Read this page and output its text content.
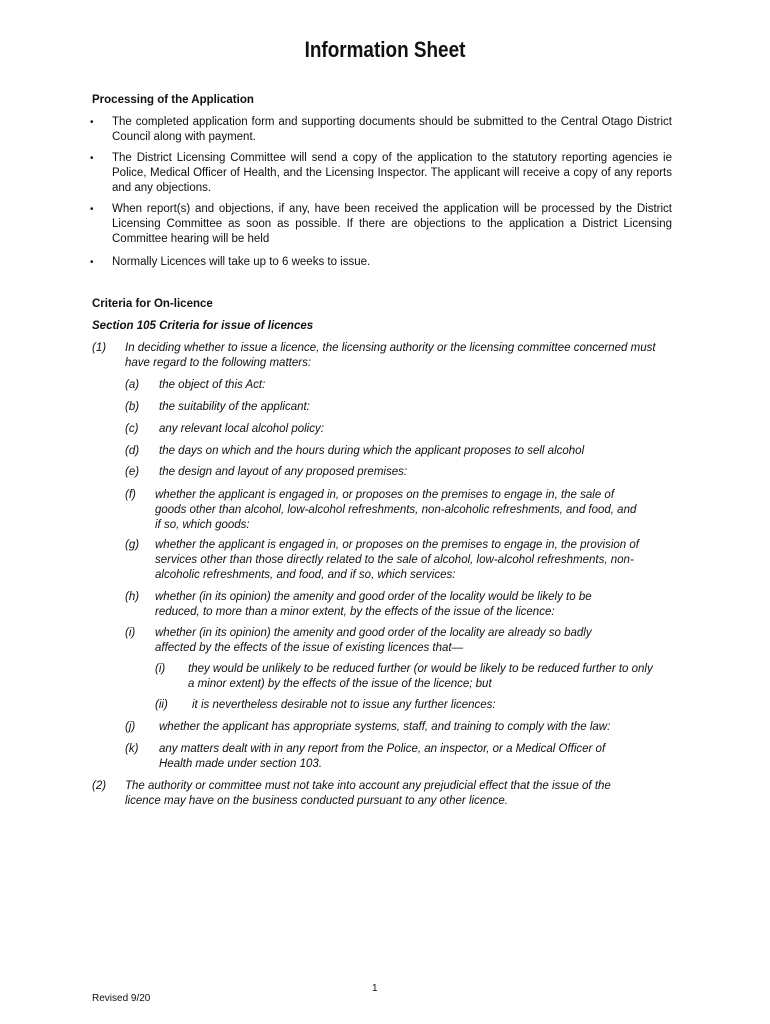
Information Sheet
Processing of the Application
• The completed application form and supporting documents should be submitted to the Central Otago District Council along with payment.
• The District Licensing Committee will send a copy of the application to the statutory reporting agencies ie Police, Medical Officer of Health, and the Licensing Inspector. The applicant will receive a copy of any reports and any objections.
• When report(s) and objections, if any, have been received the application will be processed by the District Licensing Committee as soon as possible. If there are objections to the application a District Licensing Committee hearing will be held
• Normally Licences will take up to 6 weeks to issue.
Criteria for On-licence
Section 105 Criteria for issue of licences
(1) In deciding whether to issue a licence, the licensing authority or the licensing committee concerned must have regard to the following matters:
(a) the object of this Act:
(b) the suitability of the applicant:
(c) any relevant local alcohol policy:
(d) the days on which and the hours during which the applicant proposes to sell alcohol
(e) the design and layout of any proposed premises:
(f) whether the applicant is engaged in, or proposes on the premises to engage in, the sale of goods other than alcohol, low-alcohol refreshments, non-alcoholic refreshments, and food, and if so, which goods:
(g) whether the applicant is engaged in, or proposes on the premises to engage in, the provision of services other than those directly related to the sale of alcohol, low-alcohol refreshments, non-alcoholic refreshments, and food, and if so, which services:
(h) whether (in its opinion) the amenity and good order of the locality would be likely to be reduced, to more than a minor extent, by the effects of the issue of the licence:
(i) whether (in its opinion) the amenity and good order of the locality are already so badly affected by the effects of the issue of existing licences that—
(i) they would be unlikely to be reduced further (or would be likely to be reduced further to only a minor extent) by the effects of the issue of the licence; but
(ii) it is nevertheless desirable not to issue any further licences:
(j) whether the applicant has appropriate systems, staff, and training to comply with the law:
(k) any matters dealt with in any report from the Police, an inspector, or a Medical Officer of Health made under section 103.
(2) The authority or committee must not take into account any prejudicial effect that the issue of the licence may have on the business conducted pursuant to any other licence.
1
Revised 9/20
